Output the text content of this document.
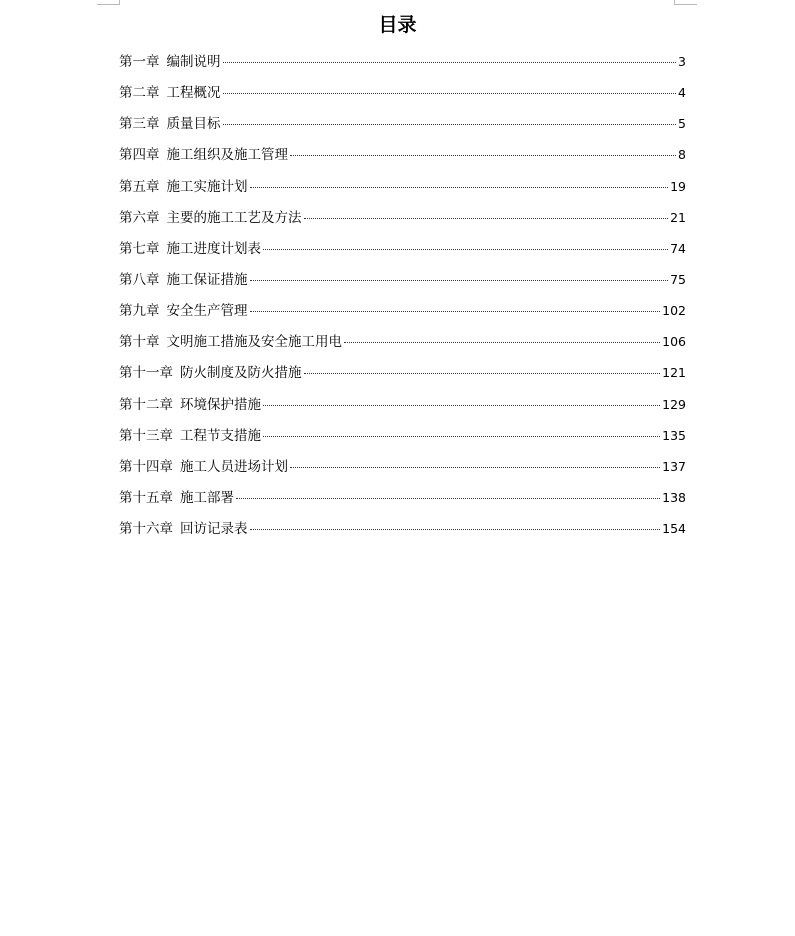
目录
第一章 编制说明	3
第二章 工程概况	4
第三章 质量目标	5
第四章 施工组织及施工管理	8
第五章 施工实施计划	19
第六章 主要的施工工艺及方法	21
第七章 施工进度计划表	74
第八章 施工保证措施	75
第九章 安全生产管理	102
第十章 文明施工措施及安全施工用电	106
第十一章 防火制度及防火措施	121
第十二章 环境保护措施	129
第十三章 工程节支措施	135
第十四章 施工人员进场计划	137
第十五章 施工部署	138
第十六章 回访记录表	154
